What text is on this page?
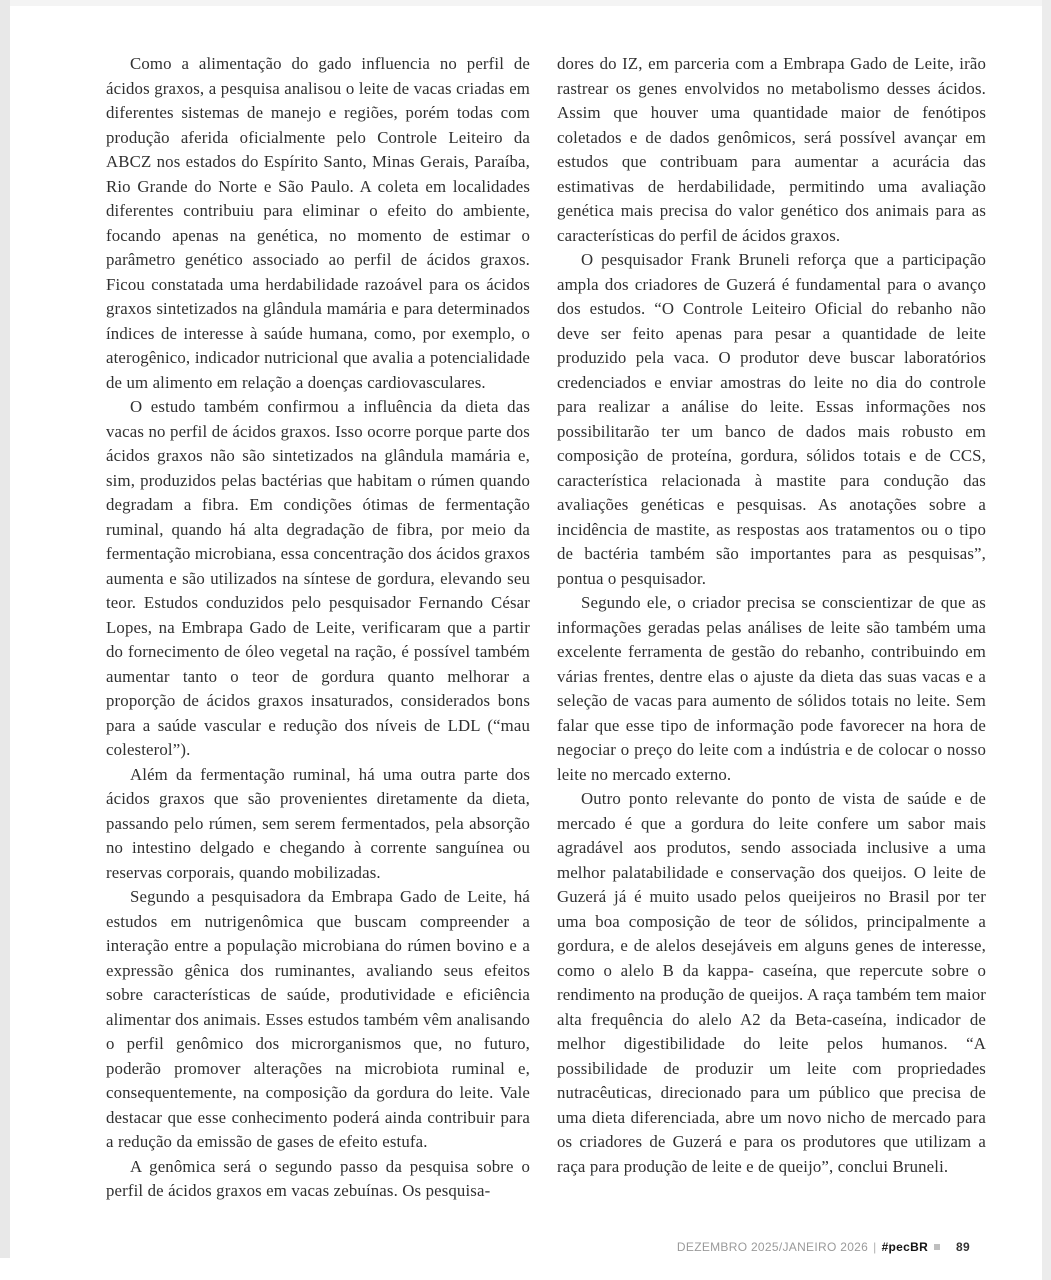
Como a alimentação do gado influencia no perfil de ácidos graxos, a pesquisa analisou o leite de vacas criadas em diferentes sistemas de manejo e regiões, porém todas com produção aferida oficialmente pelo Controle Leiteiro da ABCZ nos estados do Espírito Santo, Minas Gerais, Paraíba, Rio Grande do Norte e São Paulo. A coleta em localidades diferentes contribuiu para eliminar o efeito do ambiente, focando apenas na genética, no momento de estimar o parâmetro genético associado ao perfil de ácidos graxos. Ficou constatada uma herdabilidade razoável para os ácidos graxos sintetizados na glândula mamária e para determinados índices de interesse à saúde humana, como, por exemplo, o aterogênico, indicador nutricional que avalia a potencialidade de um alimento em relação a doenças cardiovasculares.

O estudo também confirmou a influência da dieta das vacas no perfil de ácidos graxos. Isso ocorre porque parte dos ácidos graxos não são sintetizados na glândula mamária e, sim, produzidos pelas bactérias que habitam o rúmen quando degradam a fibra. Em condições ótimas de fermentação ruminal, quando há alta degradação de fibra, por meio da fermentação microbiana, essa concentração dos ácidos graxos aumenta e são utilizados na síntese de gordura, elevando seu teor. Estudos conduzidos pelo pesquisador Fernando César Lopes, na Embrapa Gado de Leite, verificaram que a partir do fornecimento de óleo vegetal na ração, é possível também aumentar tanto o teor de gordura quanto melhorar a proporção de ácidos graxos insaturados, considerados bons para a saúde vascular e redução dos níveis de LDL (“mau colesterol”).

Além da fermentação ruminal, há uma outra parte dos ácidos graxos que são provenientes diretamente da dieta, passando pelo rúmen, sem serem fermentados, pela absorção no intestino delgado e chegando à corrente sanguínea ou reservas corporais, quando mobilizadas.

Segundo a pesquisadora da Embrapa Gado de Leite, há estudos em nutrigenômica que buscam compreender a interação entre a população microbiana do rúmen bovino e a expressão gênica dos ruminantes, avaliando seus efeitos sobre características de saúde, produtividade e eficiência alimentar dos animais. Esses estudos também vêm analisando o perfil genômico dos microrganismos que, no futuro, poderão promover alterações na microbiota ruminal e, consequentemente, na composição da gordura do leite. Vale destacar que esse conhecimento poderá ainda contribuir para a redução da emissão de gases de efeito estufa.

A genômica será o segundo passo da pesquisa sobre o perfil de ácidos graxos em vacas zebuínas. Os pesquisa-

dores do IZ, em parceria com a Embrapa Gado de Leite, irão rastrear os genes envolvidos no metabolismo desses ácidos. Assim que houver uma quantidade maior de fenótipos coletados e de dados genômicos, será possível avançar em estudos que contribuam para aumentar a acurácia das estimativas de herdabilidade, permitindo uma avaliação genética mais precisa do valor genético dos animais para as características do perfil de ácidos graxos.

O pesquisador Frank Bruneli reforça que a participação ampla dos criadores de Guzerá é fundamental para o avanço dos estudos. “O Controle Leiteiro Oficial do rebanho não deve ser feito apenas para pesar a quantidade de leite produzido pela vaca. O produtor deve buscar laboratórios credenciados e enviar amostras do leite no dia do controle para realizar a análise do leite. Essas informações nos possibilitarão ter um banco de dados mais robusto em composição de proteína, gordura, sólidos totais e de CCS, característica relacionada à mastite para condução das avaliações genéticas e pesquisas. As anotações sobre a incidência de mastite, as respostas aos tratamentos ou o tipo de bactéria também são importantes para as pesquisas”, pontua o pesquisador.

Segundo ele, o criador precisa se conscientizar de que as informações geradas pelas análises de leite são também uma excelente ferramenta de gestão do rebanho, contribuindo em várias frentes, dentre elas o ajuste da dieta das suas vacas e a seleção de vacas para aumento de sólidos totais no leite. Sem falar que esse tipo de informação pode favorecer na hora de negociar o preço do leite com a indústria e de colocar o nosso leite no mercado externo.

Outro ponto relevante do ponto de vista de saúde e de mercado é que a gordura do leite confere um sabor mais agradável aos produtos, sendo associada inclusive a uma melhor palatabilidade e conservação dos queijos. O leite de Guzerá já é muito usado pelos queijeiros no Brasil por ter uma boa composição de teor de sólidos, principalmente a gordura, e de alelos desejáveis em alguns genes de interesse, como o alelo B da kappa- caseína, que repercute sobre o rendimento na produção de queijos. A raça também tem maior alta frequência do alelo A2 da Beta-caseína, indicador de melhor digestibilidade do leite pelos humanos. “A possibilidade de produzir um leite com propriedades nutracêuticas, direcionado para um público que precisa de uma dieta diferenciada, abre um novo nicho de mercado para os criadores de Guzerá e para os produtores que utilizam a raça para produção de leite e de queijo”, conclui Bruneli.

DEZEMBRO 2025/JANEIRO 2026 | #pecBR 89
